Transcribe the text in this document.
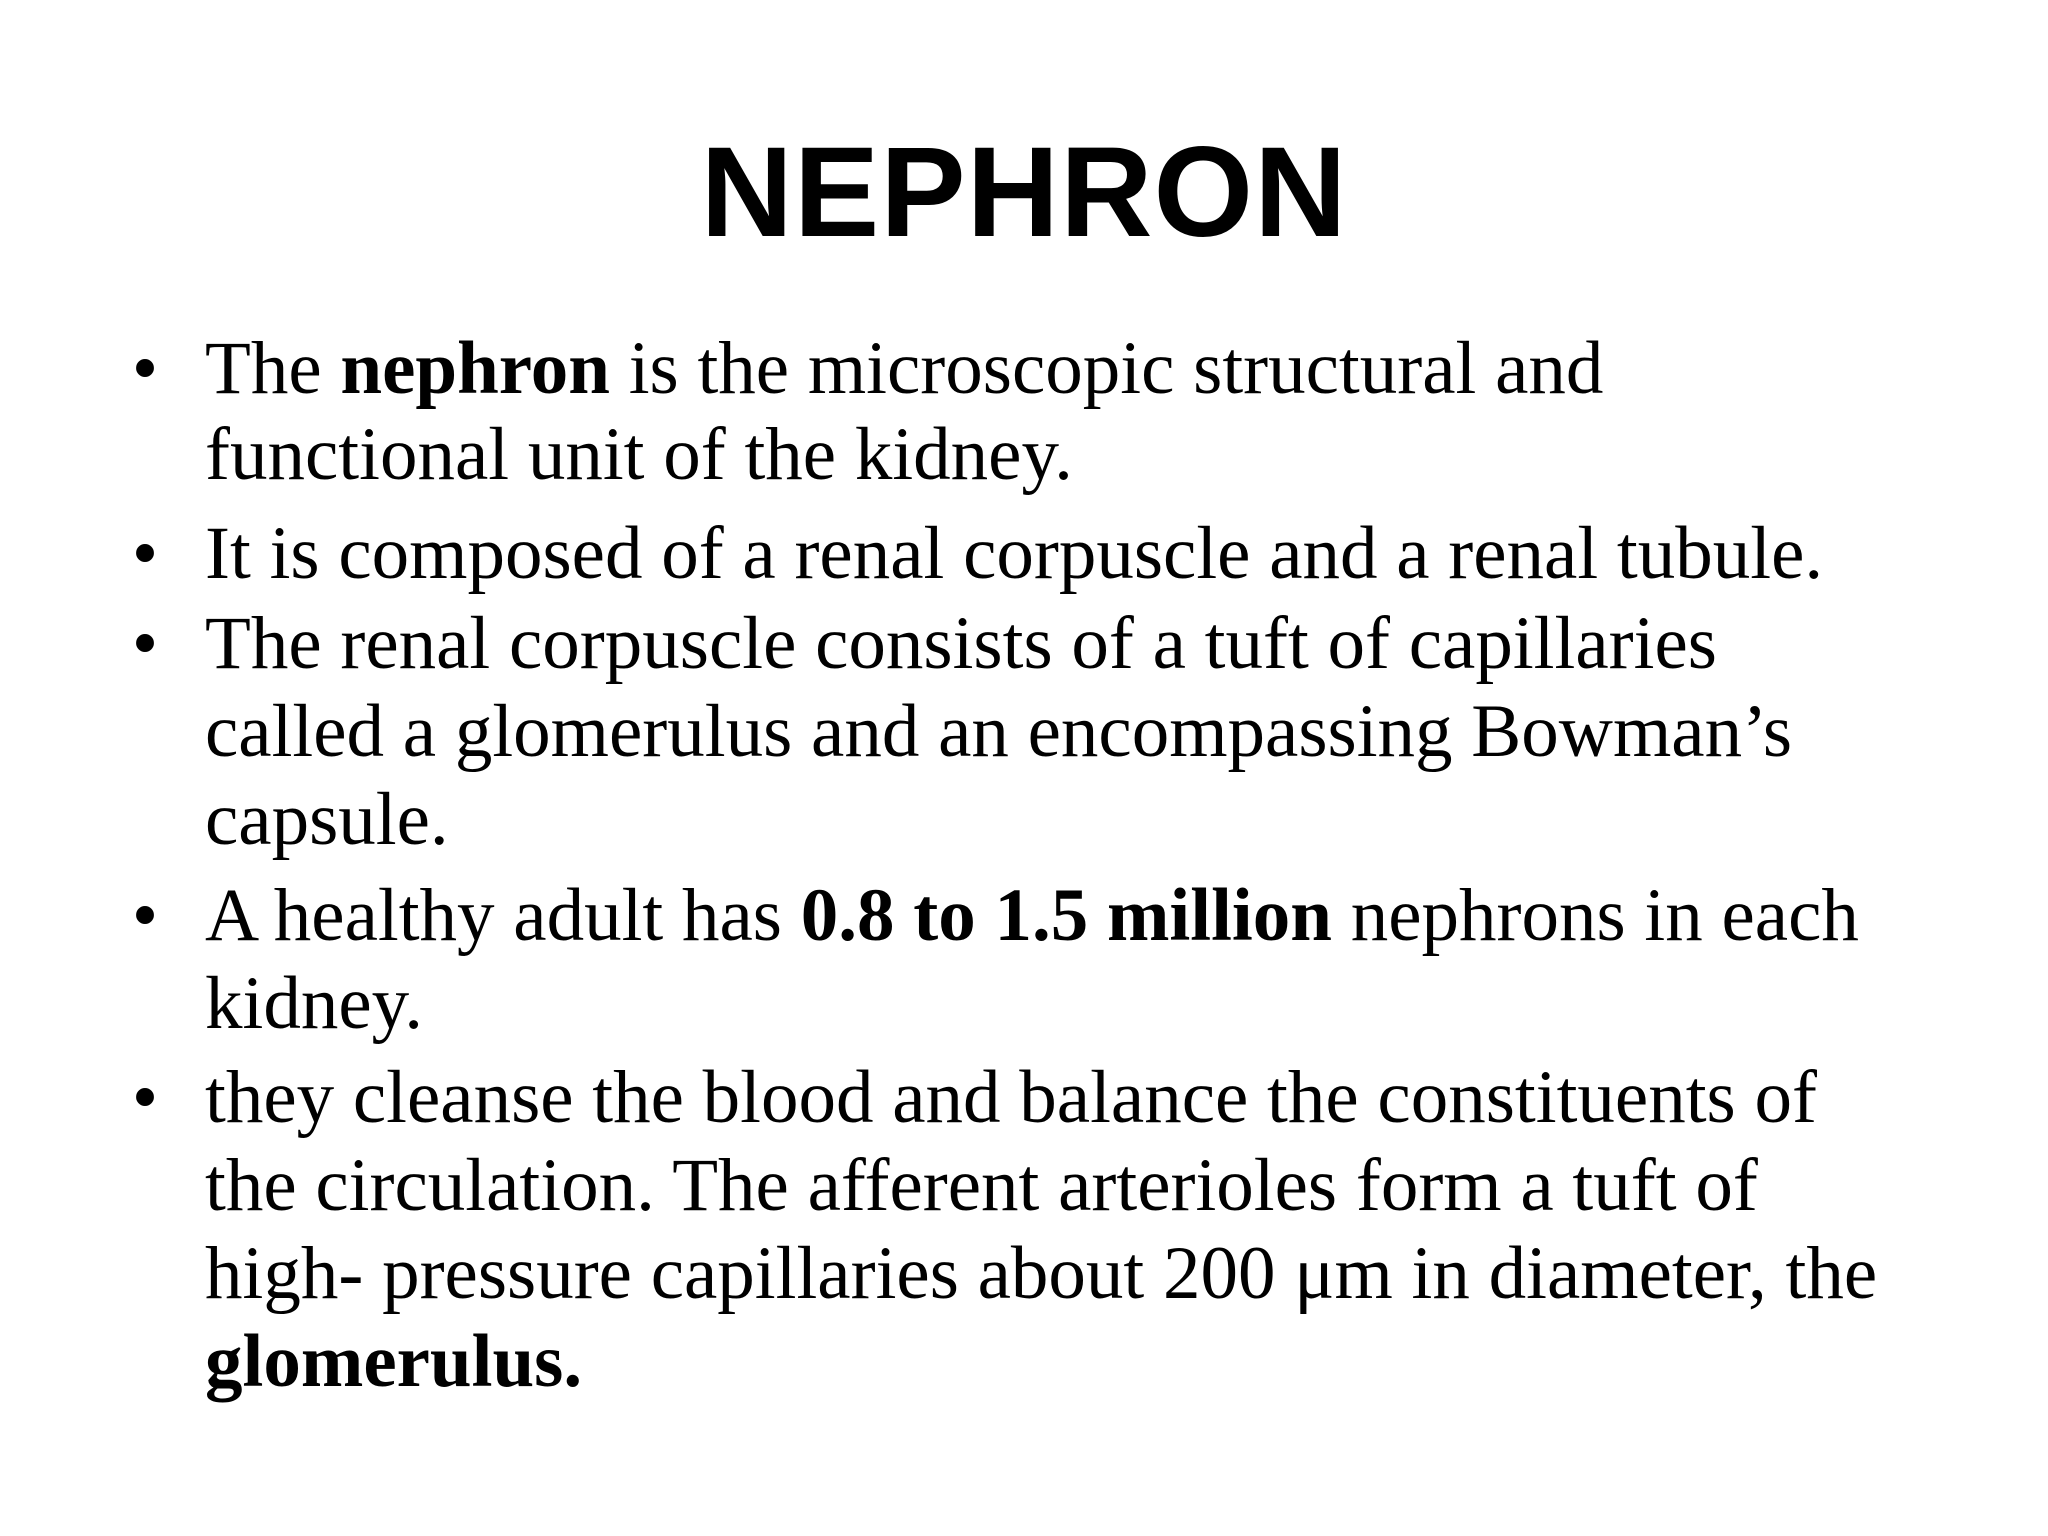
NEPHRON
• The nephron is the microscopic structural and
functional unit of the kidney.
• It is composed of a renal corpuscle and a renal tubule.
• The renal corpuscle consists of a tuft of capillaries
called a glomerulus and an encompassing Bowman’s
capsule.
• A healthy adult has 0.8 to 1.5 million nephrons in each
kidney.
• they cleanse the blood and balance the constituents of
the circulation. The afferent arterioles form a tuft of
high- pressure capillaries about 200 μm in diameter, the
glomerulus.
